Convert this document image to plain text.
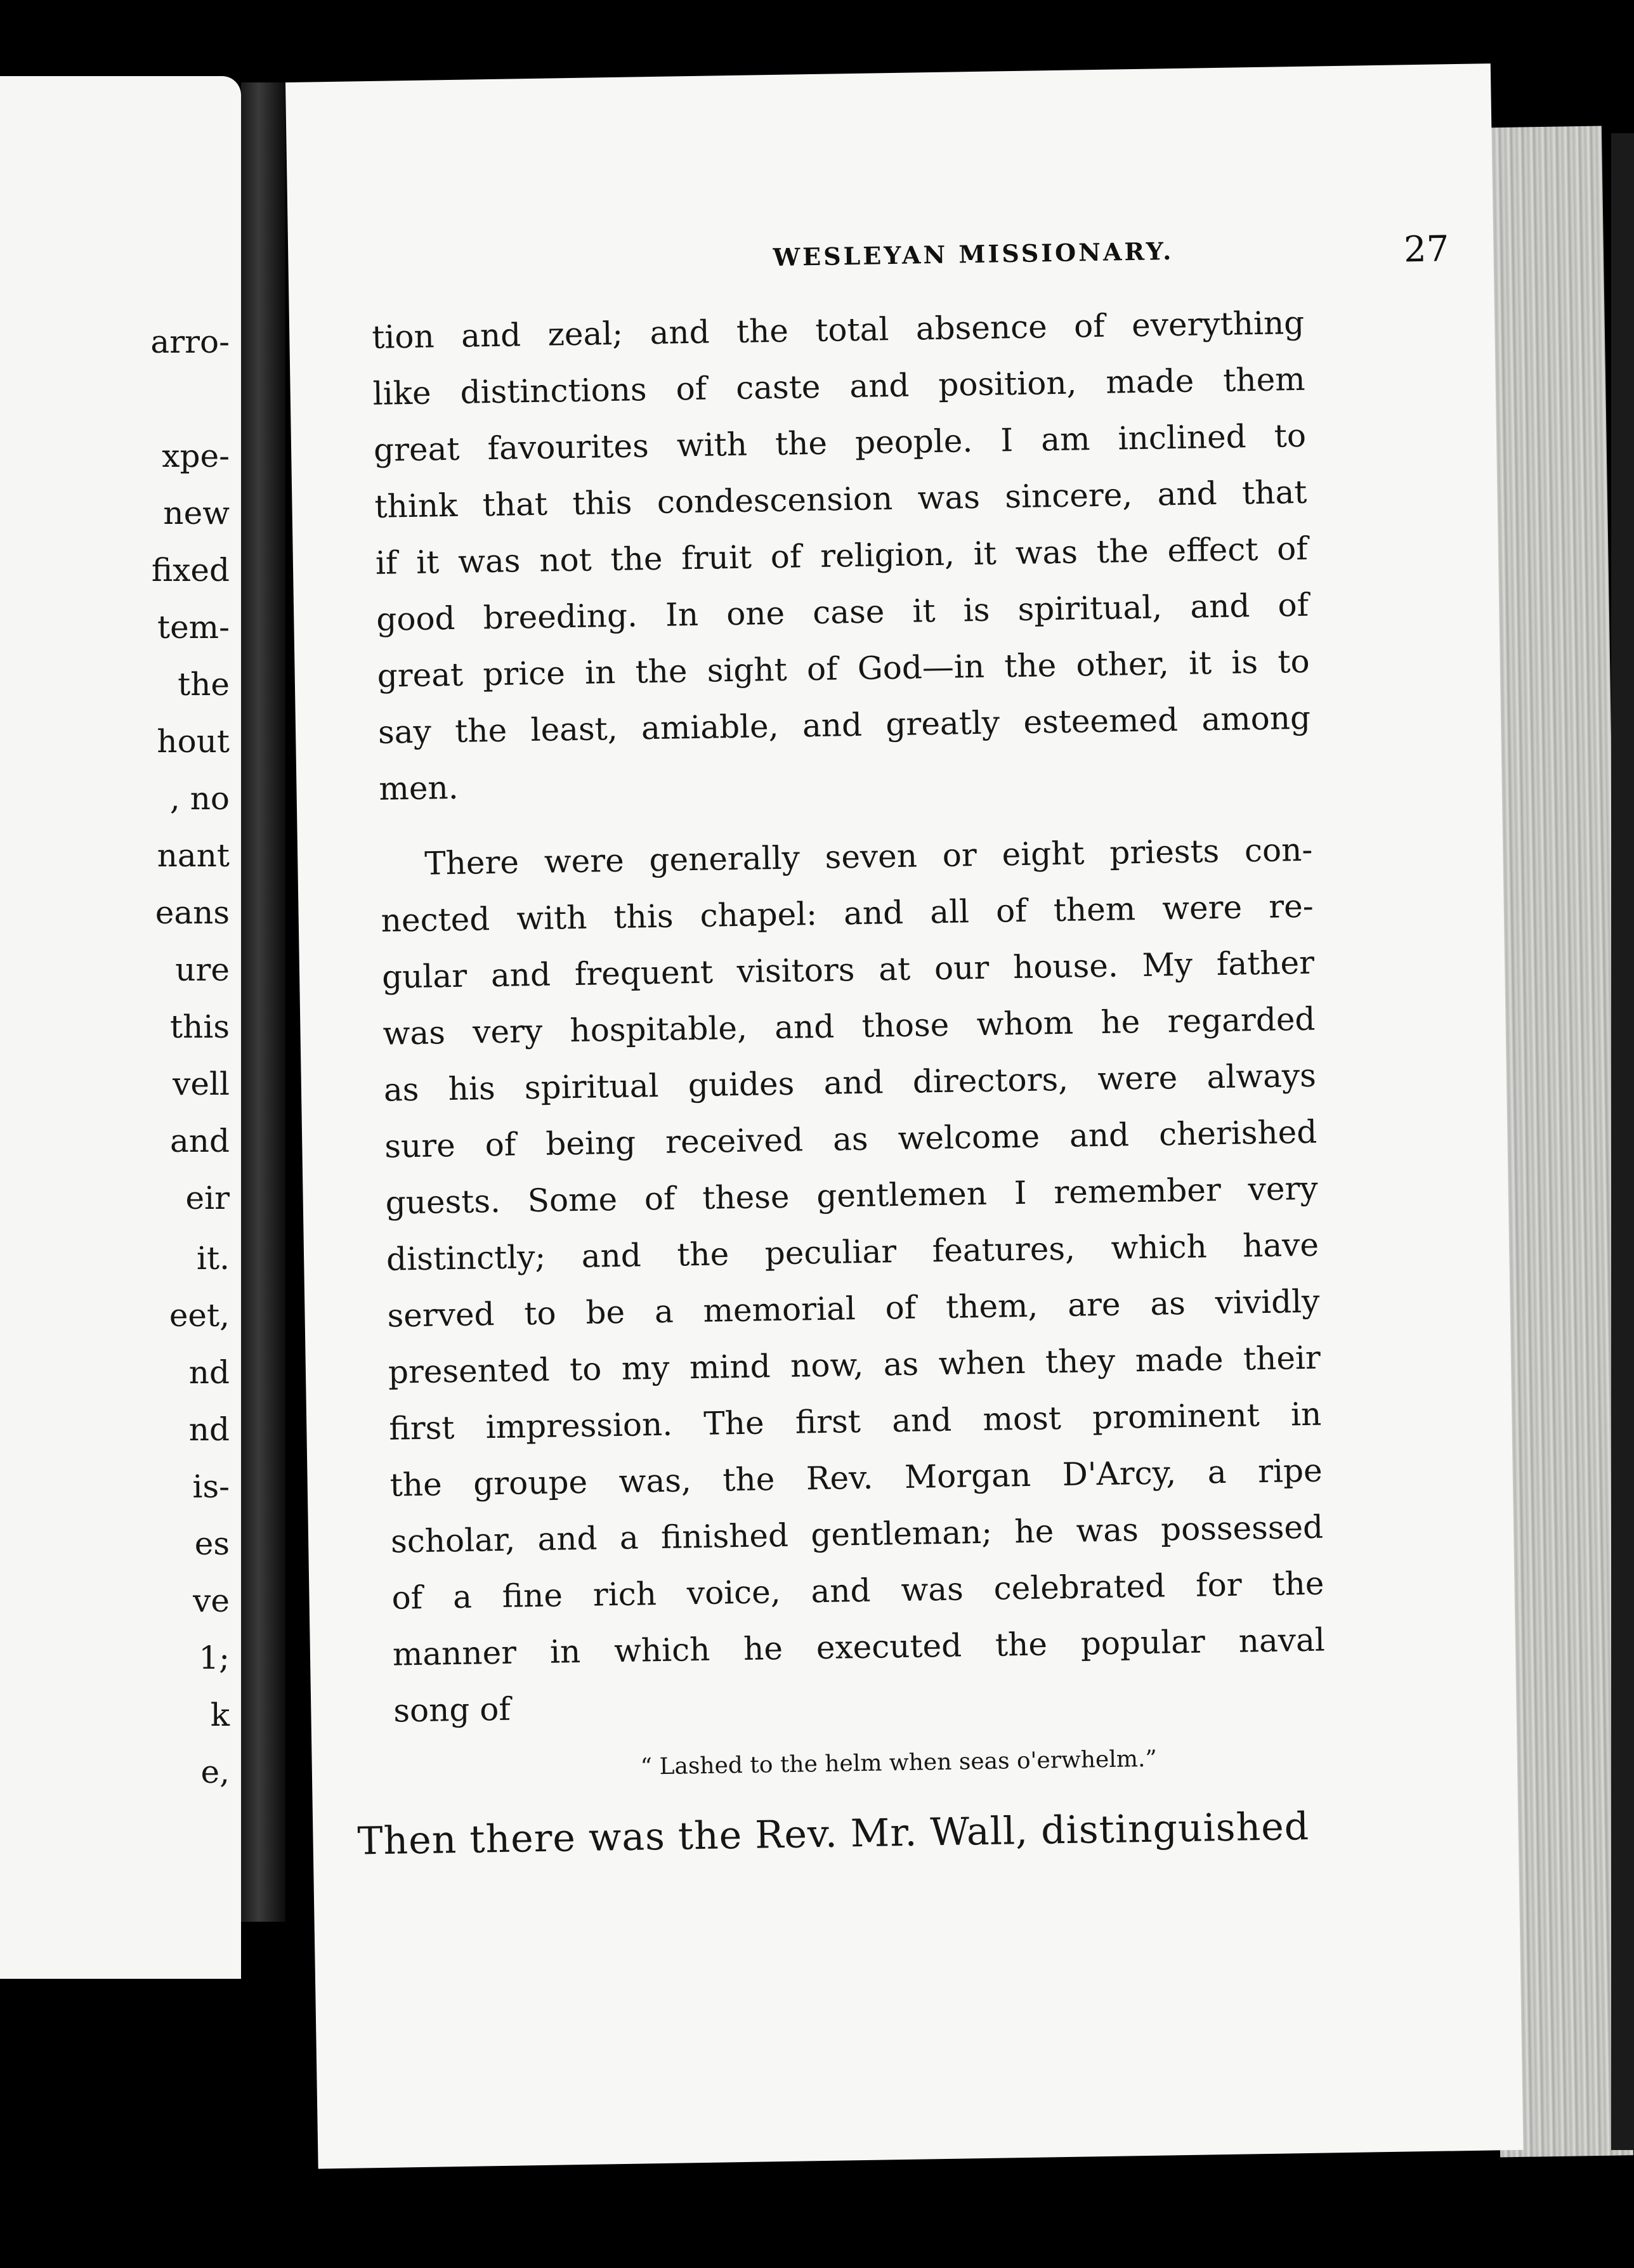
arro-
xpe-
new
fixed
tem-
the
hout
, no
nant
eans
ure
this
vell
and
eir
it.
eet,
nd
nd
is-
es
ve
1;
k
e,
WESLEYAN MISSIONARY.	27
tion and zeal; and the total absence of everything
like distinctions of caste and position, made them
great favourites with the people. I am inclined to
think that this condescension was sincere, and that
if it was not the fruit of religion, it was the effect of
good breeding. In one case it is spiritual, and of
great price in the sight of God—in the other, it is to
say the least, amiable, and greatly esteemed among
men.
There were generally seven or eight priests con-
nected with this chapel: and all of them were re-
gular and frequent visitors at our house. My father
was very hospitable, and those whom he regarded
as his spiritual guides and directors, were always
sure of being received as welcome and cherished
guests. Some of these gentlemen I remember very
distinctly; and the peculiar features, which have
served to be a memorial of them, are as vividly
presented to my mind now, as when they made their
first impression. The first and most prominent in
the groupe was, the Rev. Morgan D'Arcy, a ripe
scholar, and a finished gentleman; he was possessed
of a fine rich voice, and was celebrated for the
manner in which he executed the popular naval
song of
“ Lashed to the helm when seas o'erwhelm.”
Then there was the Rev. Mr. Wall, distinguished
